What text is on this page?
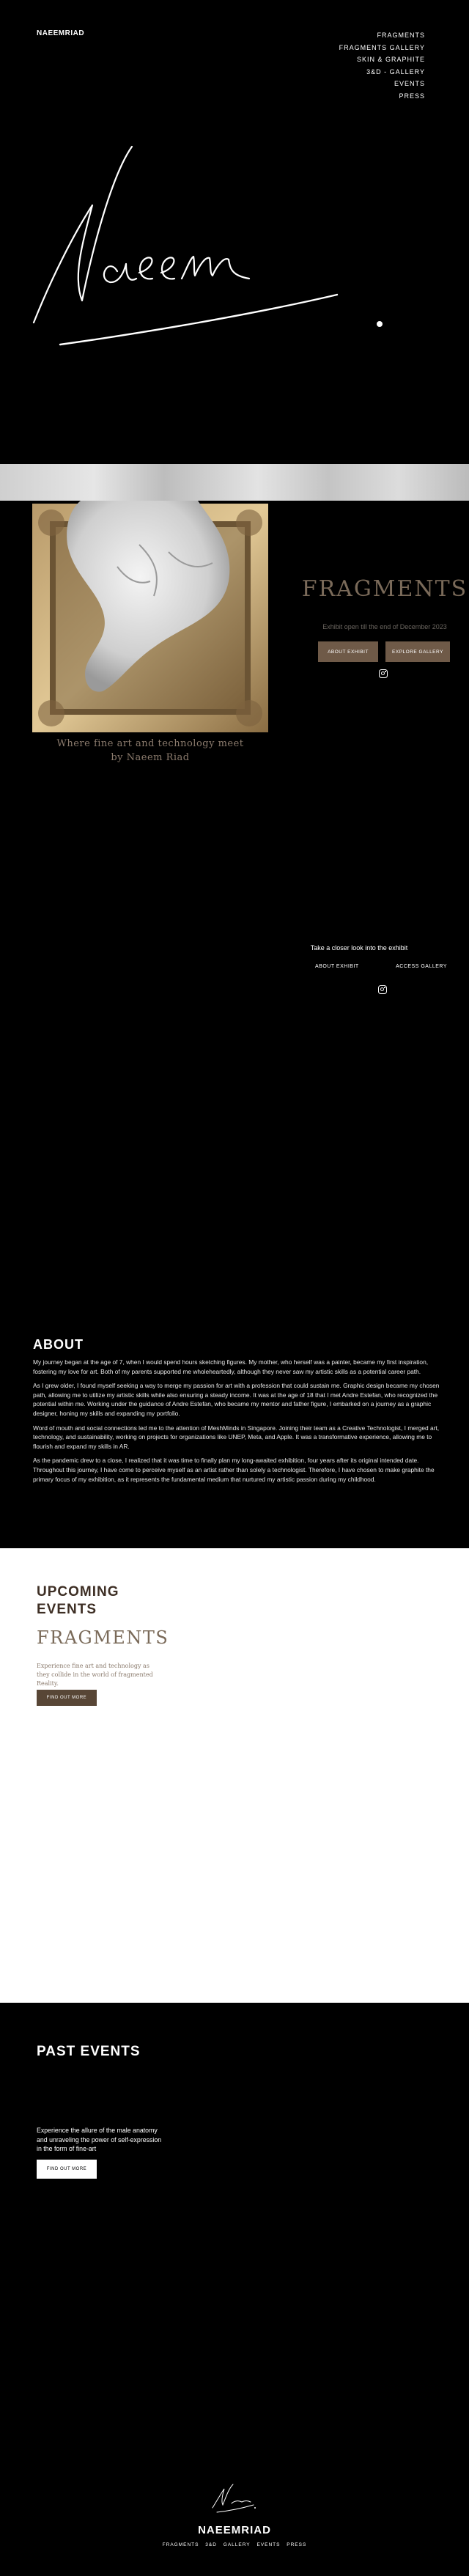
NAEEMRIAD	FRAGMENTS
FRAGMENTS GALLERY
SKIN & GRAPHITE
3&D - GALLERY
EVENTS
PRESS
Where fine art and technology meet
by Naeem Riad
FRAGMENTS
Exhibit open till the end of December 2023
ABOUT EXHIBIT	EXPLORE GALLERY
Take a closer look into the exhibit
ABOUT EXHIBIT	ACCESS GALLERY
ABOUT

My journey began at the age of 7, when I would spend hours sketching figures. My mother, who herself was a painter, became my first inspiration, fostering my love for art. Both of my parents supported me wholeheartedly, although they never saw my artistic skills as a potential career path.

As I grew older, I found myself seeking a way to merge my passion for art with a profession that could sustain me. Graphic design became my chosen path, allowing me to utilize my artistic skills while also ensuring a steady income. It was at the age of 18 that I met Andre Estefan, who recognized the potential within me. Working under the guidance of Andre Estefan, who became my mentor and father figure, I embarked on a journey as a graphic designer, honing my skills and expanding my portfolio.

Word of mouth and social connections led me to the attention of MeshMinds in Singapore. Joining their team as a Creative Technologist, I merged art, technology, and sustainability, working on projects for organizations like UNEP, Meta, and Apple. It was a transformative experience, allowing me to flourish and expand my skills in AR.

As the pandemic drew to a close, I realized that it was time to finally plan my long-awaited exhibition, four years after its original intended date. Throughout this journey, I have come to perceive myself as an artist rather than solely a technologist. Therefore, I have chosen to make graphite the primary focus of my exhibition, as it represents the fundamental medium that nurtured my artistic passion during my childhood.

UPCOMING
EVENTS
FRAGMENTS
Experience fine art and technology as they collide in the world of fragmented Reality.
FIND OUT MORE
PAST EVENTS
Experience the allure of the male anatomy and unraveling the power of self-expression in the form of fine-art
FIND OUT MORE
NAEEMRIAD
FRAGMENTS 3&D GALLERY EVENTS PRESS
